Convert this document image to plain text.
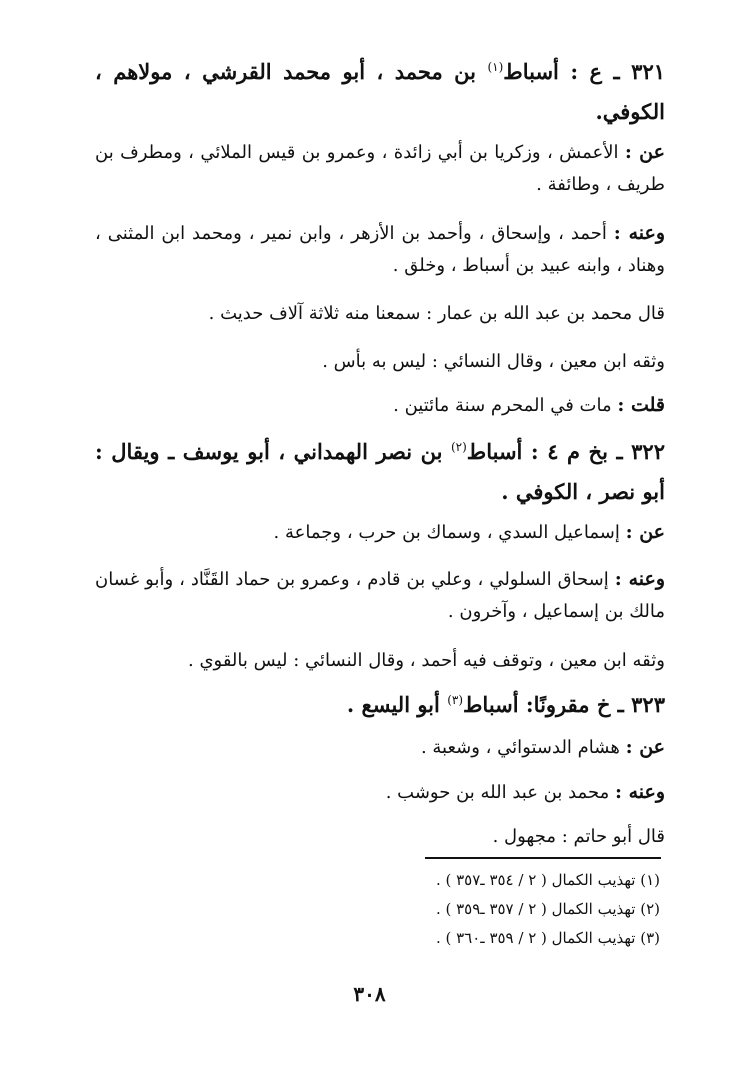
٣٢١ ـ ع : أسباط$^{(١)}$ بن محمد ، أبو محمد القرشي ، مولاهم ، الكوفي.
عن : الأعمش ، وزكريا بن أبي زائدة ، وعمرو بن قيس الملائي ، ومطرف بن طريف ، وطائفة .
وعنه : أحمد ، وإسحاق ، وأحمد بن الأزهر ، وابن نمير ، ومحمد ابن المثنى ، وهناد ، وابنه عبيد بن أسباط ، وخلق .
قال محمد بن عبد الله بن عمار : سمعنا منه ثلاثة آلاف حديث .
وثقه ابن معين ، وقال النسائي : ليس به بأس .
قلت : مات في المحرم سنة مائتين .
٣٢٢ ـ بخ م ٤ : أسباط$^{(٢)}$ بن نصر الهمداني ، أبو يوسف ـ ويقال : أبو نصر ، الكوفي .
عن : إسماعيل السدي ، وسماك بن حرب ، وجماعة .
وعنه : إسحاق السلولي ، وعلي بن قادم ، وعمرو بن حماد القَنَّاد ، وأبو غسان مالك بن إسماعيل ، وآخرون .
وثقه ابن معين ، وتوقف فيه أحمد ، وقال النسائي : ليس بالقوي .
٣٢٣ ـ خ مقرونًا: أسباط$^{(٣)}$ أبو اليسع .
عن : هشام الدستوائي ، وشعبة .
وعنه : محمد بن عبد الله بن حوشب .
قال أبو حاتم : مجهول .
(١) تهذيب الكمال ( ٢ / ٣٥٤ ـ٣٥٧ ) .
(٢) تهذيب الكمال ( ٢ / ٣٥٧ ـ٣٥٩ ) .
(٣) تهذيب الكمال ( ٢ / ٣٥٩ ـ٣٦٠ ) .
٣٠٨
